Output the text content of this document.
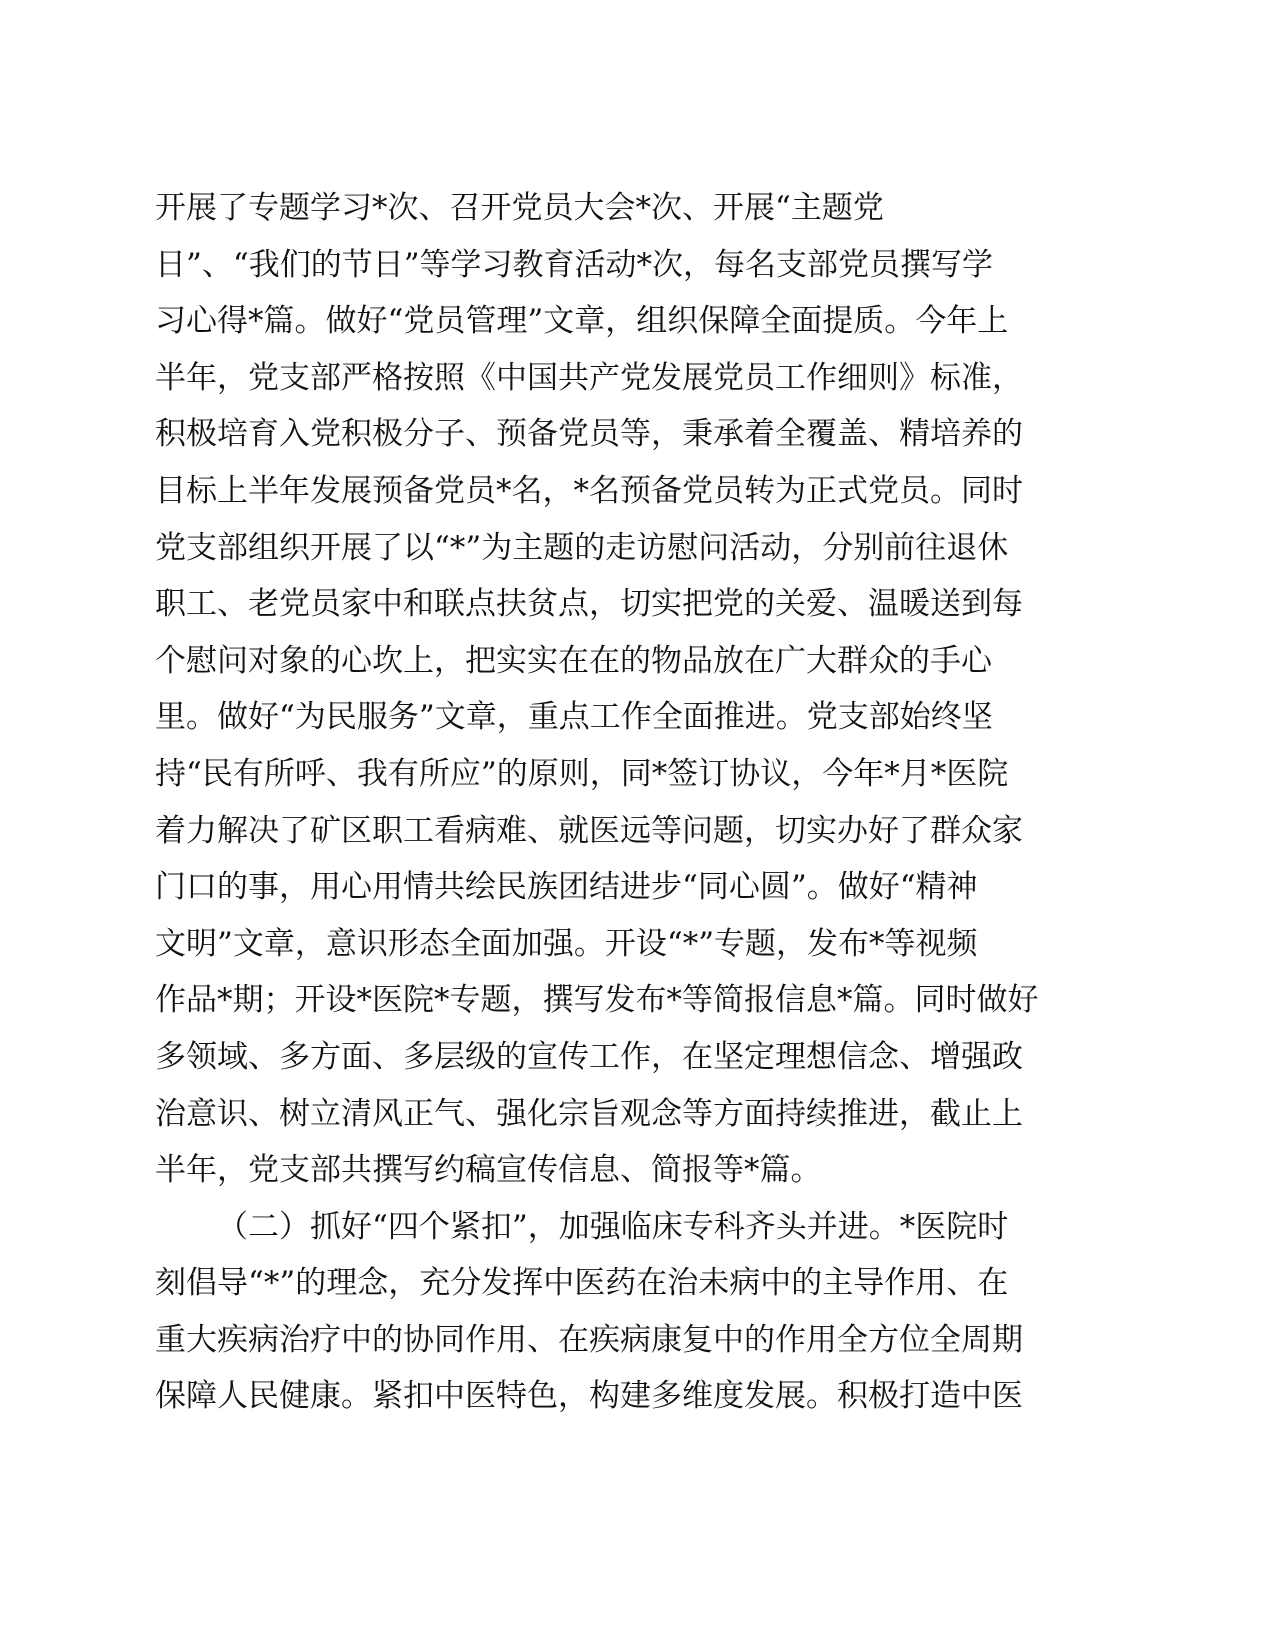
开展了专题学习*次、召开党员大会*次、开展“主题党
日”、“我们的节日”等学习教育活动*次，每名支部党员撰写学
习心得*篇。做好“党员管理”文章，组织保障全面提质。今年上
半年，党支部严格按照《中国共产党发展党员工作细则》标准，
积极培育入党积极分子、预备党员等，秉承着全覆盖、精培养的
目标上半年发展预备党员*名，*名预备党员转为正式党员。同时
党支部组织开展了以“*”为主题的走访慰问活动，分别前往退休
职工、老党员家中和联点扶贫点，切实把党的关爱、温暖送到每
个慰问对象的心坎上，把实实在在的物品放在广大群众的手心
里。做好“为民服务”文章，重点工作全面推进。党支部始终坚
持“民有所呼、我有所应”的原则，同*签订协议，今年*月*医院
着力解决了矿区职工看病难、就医远等问题，切实办好了群众家
门口的事，用心用情共绘民族团结进步“同心圆”。做好“精神
文明”文章，意识形态全面加强。开设“*”专题，发布*等视频
作品*期；开设*医院*专题，撰写发布*等简报信息*篇。同时做好
多领域、多方面、多层级的宣传工作，在坚定理想信念、增强政
治意识、树立清风正气、强化宗旨观念等方面持续推进，截止上
半年，党支部共撰写约稿宣传信息、简报等*篇。
（二）抓好“四个紧扣”，加强临床专科齐头并进。*医院时
刻倡导“*”的理念，充分发挥中医药在治未病中的主导作用、在
重大疾病治疗中的协同作用、在疾病康复中的作用全方位全周期
保障人民健康。紧扣中医特色，构建多维度发展。积极打造中医
